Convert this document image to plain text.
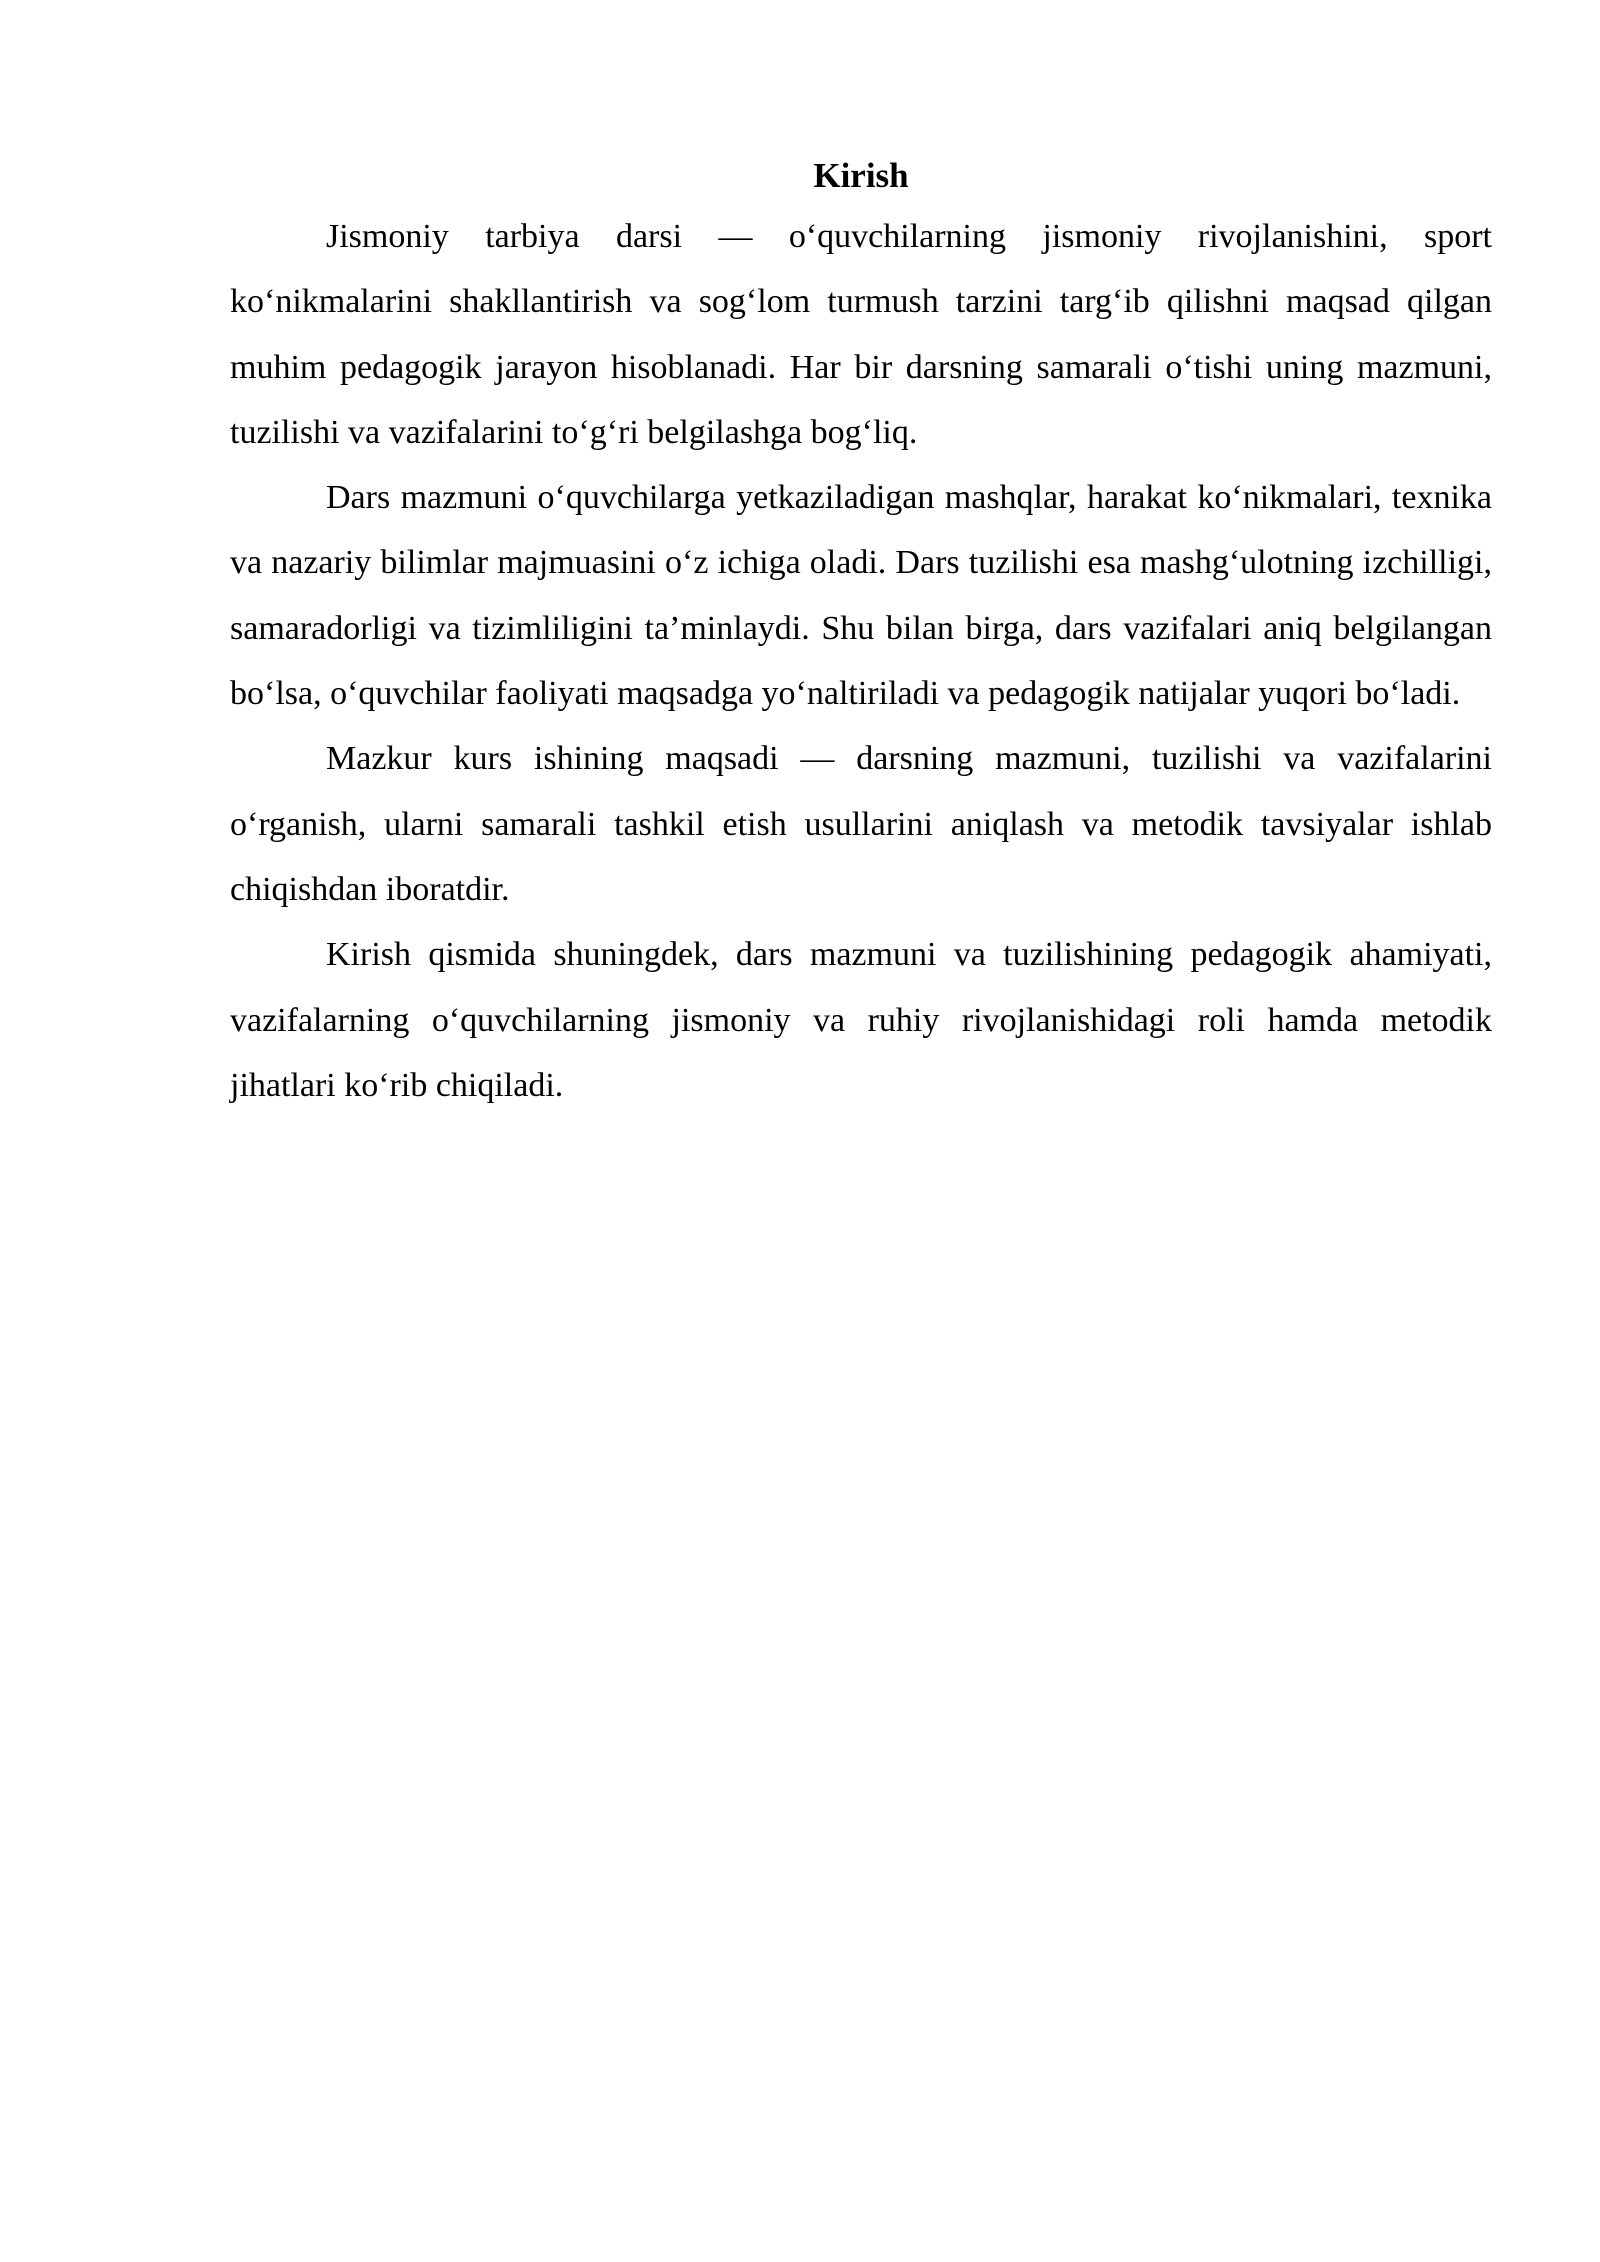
Kirish

Jismoniy tarbiya darsi — o‘quvchilarning jismoniy rivojlanishini, sport ko‘nikmalarini shakllantirish va sog‘lom turmush tarzini targ‘ib qilishni maqsad qilgan muhim pedagogik jarayon hisoblanadi. Har bir darsning samarali o‘tishi uning mazmuni, tuzilishi va vazifalarini to‘g‘ri belgilashga bog‘liq.

Dars mazmuni o‘quvchilarga yetkaziladigan mashqlar, harakat ko‘nikmalari, texnika va nazariy bilimlar majmuasini o‘z ichiga oladi. Dars tuzilishi esa mashg‘ulotning izchilligi, samaradorligi va tizimliligini ta’minlaydi. Shu bilan birga, dars vazifalari aniq belgilangan bo‘lsa, o‘quvchilar faoliyati maqsadga yo‘naltiriladi va pedagogik natijalar yuqori bo‘ladi.

Mazkur kurs ishining maqsadi — darsning mazmuni, tuzilishi va vazifalarini o‘rganish, ularni samarali tashkil etish usullarini aniqlash va metodik tavsiyalar ishlab chiqishdan iboratdir.

Kirish qismida shuningdek, dars mazmuni va tuzilishining pedagogik ahamiyati, vazifalarning o‘quvchilarning jismoniy va ruhiy rivojlanishidagi roli hamda metodik jihatlari ko‘rib chiqiladi.
